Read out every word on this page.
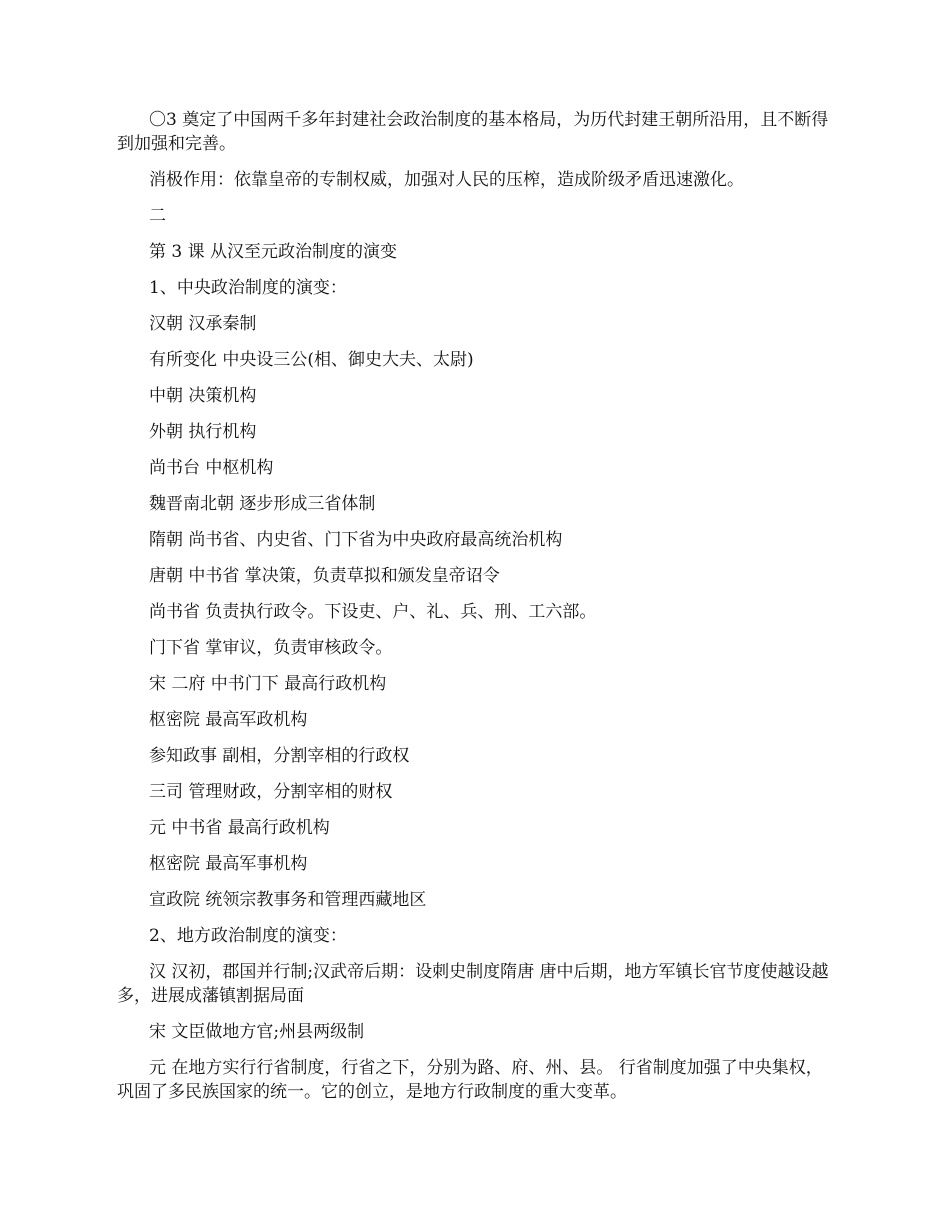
〇3 奠定了中国两千多年封建社会政治制度的基本格局，为历代封建王朝所沿用，且不断得到加强和完善。

消极作用：依靠皇帝的专制权威，加强对人民的压榨，造成阶级矛盾迅速激化。

二

第 3 课 从汉至元政治制度的演变

1、中央政治制度的演变：

汉朝 汉承秦制

有所变化 中央设三公(相、御史大夫、太尉)

中朝 决策机构

外朝 执行机构

尚书台 中枢机构

魏晋南北朝 逐步形成三省体制

隋朝 尚书省、内史省、门下省为中央政府最高统治机构

唐朝 中书省 掌决策，负责草拟和颁发皇帝诏令

尚书省 负责执行政令。下设吏、户、礼、兵、刑、工六部。

门下省 掌审议，负责审核政令。

宋 二府 中书门下 最高行政机构

枢密院 最高军政机构

参知政事 副相，分割宰相的行政权

三司 管理财政，分割宰相的财权

元 中书省 最高行政机构

枢密院 最高军事机构

宣政院 统领宗教事务和管理西藏地区

2、地方政治制度的演变：

汉 汉初，郡国并行制;汉武帝后期：设刺史制度隋唐 唐中后期，地方军镇长官节度使越设越多，进展成藩镇割据局面

宋 文臣做地方官;州县两级制

元 在地方实行行省制度，行省之下，分别为路、府、州、县。 行省制度加强了中央集权，巩固了多民族国家的统一。它的创立，是地方行政制度的重大变革。
